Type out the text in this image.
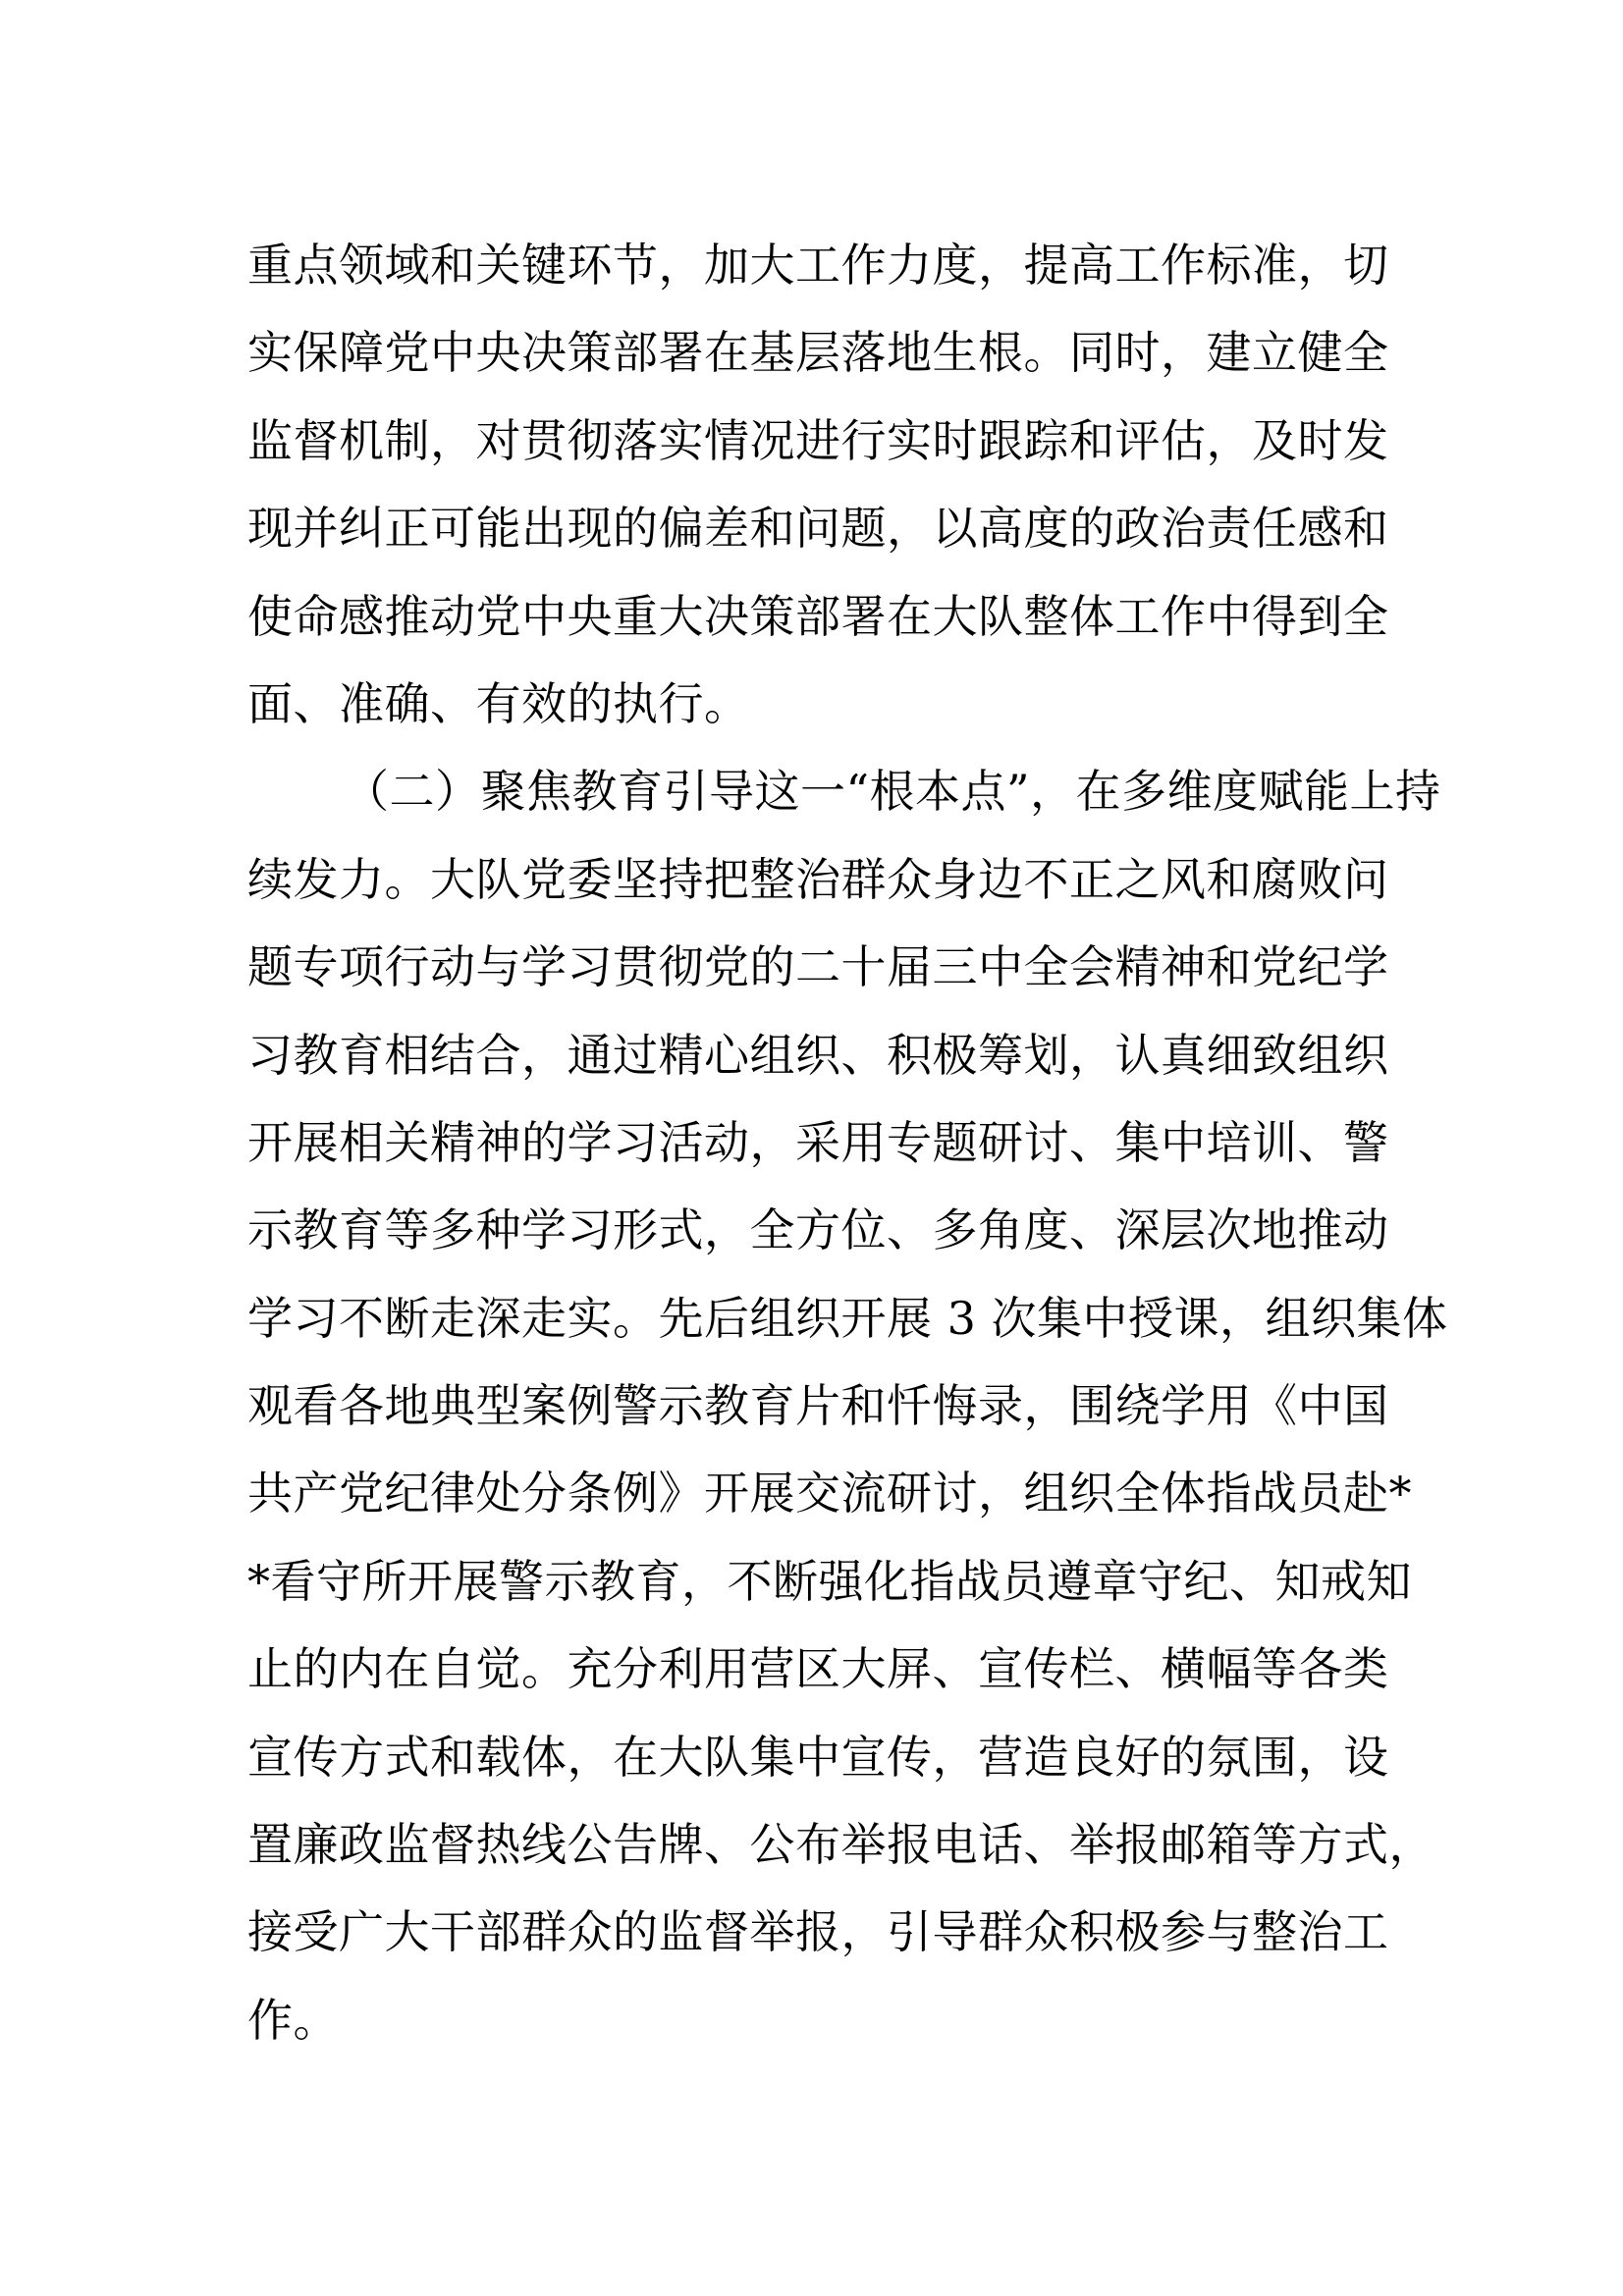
重点领域和关键环节，加大工作力度，提高工作标准，切
实保障党中央决策部署在基层落地生根。同时，建立健全
监督机制，对贯彻落实情况进行实时跟踪和评估，及时发
现并纠正可能出现的偏差和问题，以高度的政治责任感和
使命感推动党中央重大决策部署在大队整体工作中得到全
面、准确、有效的执行。
（二）聚焦教育引导这一“根本点”，在多维度赋能上持
续发力。大队党委坚持把整治群众身边不正之风和腐败问
题专项行动与学习贯彻党的二十届三中全会精神和党纪学
习教育相结合，通过精心组织、积极筹划，认真细致组织
开展相关精神的学习活动，采用专题研讨、集中培训、警
示教育等多种学习形式，全方位、多角度、深层次地推动
学习不断走深走实。先后组织开展 3 次集中授课，组织集体
观看各地典型案例警示教育片和忏悔录，围绕学用《中国
共产党纪律处分条例》开展交流研讨，组织全体指战员赴*
*看守所开展警示教育，不断强化指战员遵章守纪、知戒知
止的内在自觉。充分利用营区大屏、宣传栏、横幅等各类
宣传方式和载体，在大队集中宣传，营造良好的氛围，设
置廉政监督热线公告牌、公布举报电话、举报邮箱等方式，
接受广大干部群众的监督举报，引导群众积极参与整治工
作。
